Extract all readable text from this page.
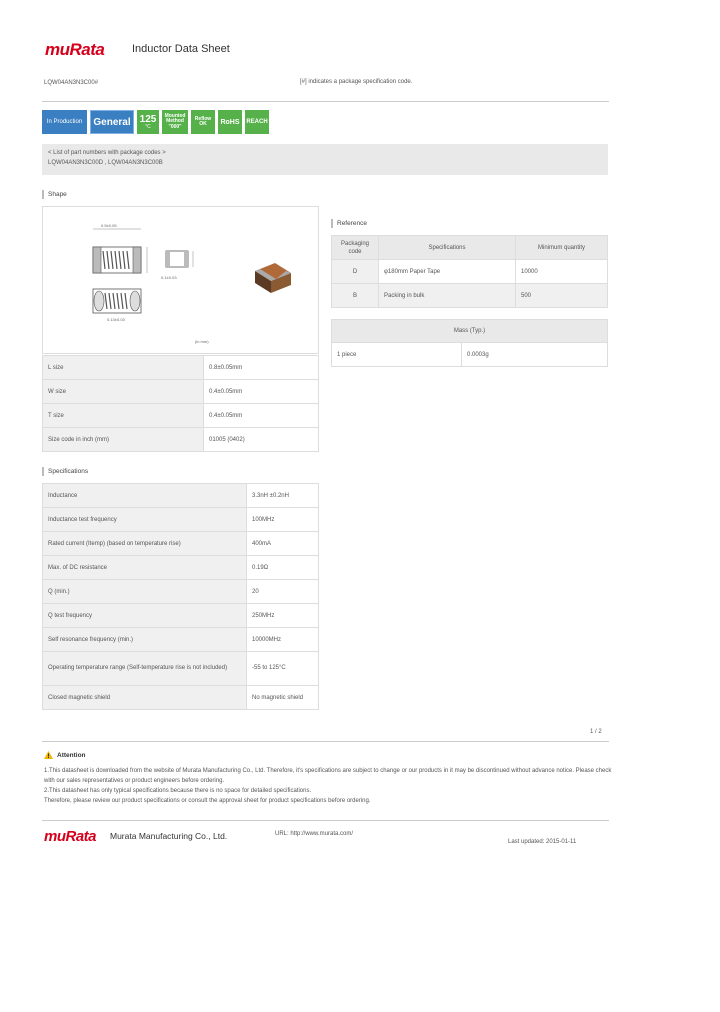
muRata	Inductor Data Sheet
LQW04AN3N3C00#	[#] indicates a package specification code.
In Production	General 125
°C
Mounted
Method
"000"
Reflow
OK	RoHS	REACH
< List of part numbers with package codes >
LQW04AN3N3C00D , LQW04AN3N3C00B
Shape
0.5±0.05
0.1±0.03
0.13±0.03
(in mm)
L size	0.8±0.05mm
W size	0.4±0.05mm
T size	0.4±0.05mm
Size code in inch (mm)	01005 (0402)
Specifications
Inductance	3.3nH ±0.2nH
Inductance test frequency	100MHz
Rated current (Itemp) (based on temperature rise)	400mA
Max. of DC resistance	0.19Ω
Q (min.)	20
Q test frequency	250MHz
Self resonance frequency (min.)	10000MHz
Operating temperature range (Self-temperature rise is not included)	-55 to 125°C
Closed magnetic shield	No magnetic shield
Reference
Packaging code	Specifications	Minimum quantity
D	φ180mm Paper Tape	10000
B	Packing in bulk	500
Mass (Typ.)
1 piece	0.0003g
1 / 2
Attention
1.This datasheet is downloaded from the website of Murata Manufacturing Co., Ltd. Therefore, it's specifications are subject to change or our products in it may be discontinued without advance notice. Please check with our sales representatives or product engineers before ordering.
2.This datasheet has only typical specifications because there is no space for detailed specifications.
Therefore, please review our product specifications or consult the approval sheet for product specifications before ordering.
muRata Murata Manufacturing Co., Ltd.	URL: http://www.murata.com/
Last updated: 2015-01-11
